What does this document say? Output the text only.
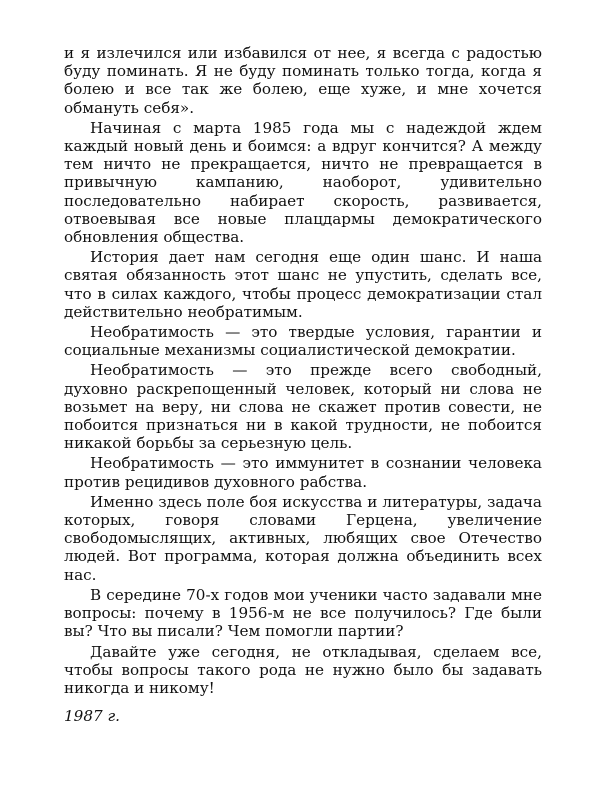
и я излечился или избавился от нее, я всегда с радостью буду поминать. Я не буду поминать только тогда, когда я болею и все так же болею, еще хуже, и мне хочется обмануть себя».

Начиная с марта 1985 года мы с надеждой ждем каждый новый день и боимся: а вдруг кончится? А между тем ничто не прекращается, ничто не превращается в привычную кампанию, наоборот, удивительно последовательно набирает скорость, развивается, отвоевывая все новые плацдармы демократического обновления общества.

История дает нам сегодня еще один шанс. И наша святая обязанность этот шанс не упустить, сделать все, что в силах каждого, чтобы процесс демократизации стал действительно необратимым.

Необратимость — это твердые условия, гарантии и социальные механизмы социалистической демократии.

Необратимость — это прежде всего свободный, духовно раскрепощенный человек, который ни слова не возьмет на веру, ни слова не скажет против совести, не побоится признаться ни в какой трудности, не побоится никакой борьбы за серьезную цель.

Необратимость — это иммунитет в сознании человека против рецидивов духовного рабства.

Именно здесь поле боя искусства и литературы, задача которых, говоря словами Герцена, увеличение свободомыслящих, активных, любящих свое Отечество людей. Вот программа, которая должна объединить всех нас.

В середине 70-х годов мои ученики часто задавали мне вопросы: почему в 1956-м не все получилось? Где были вы? Что вы писали? Чем помогли партии?

Давайте уже сегодня, не откладывая, сделаем все, чтобы вопросы такого рода не нужно было бы задавать никогда и никому!

1987 г.
